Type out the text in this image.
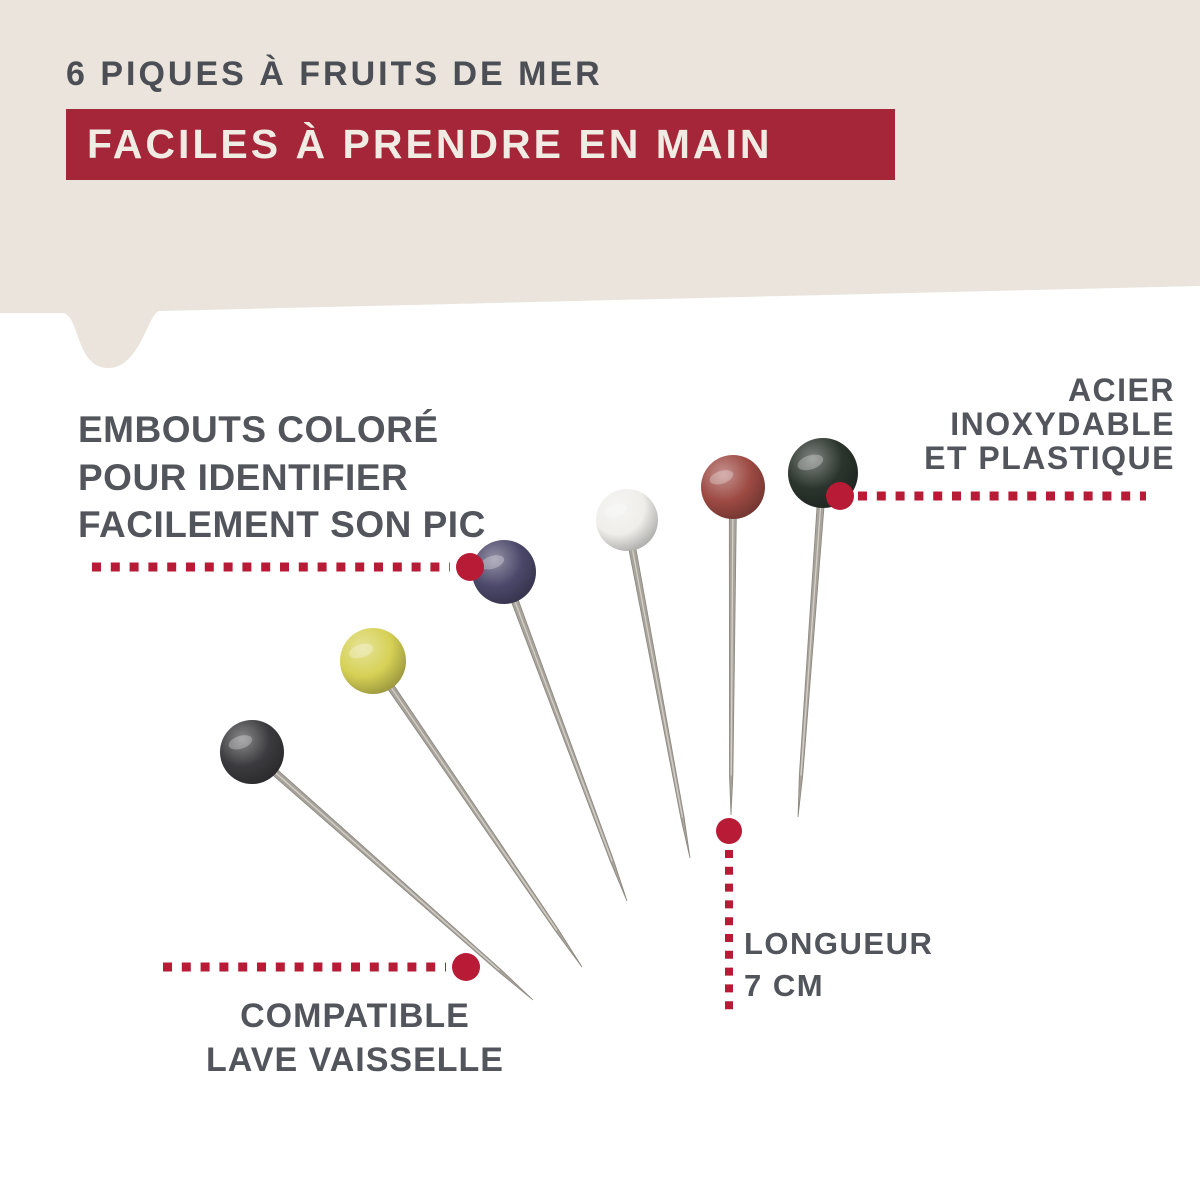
6 PIQUES À FRUITS DE MER
FACILES À PRENDRE EN MAIN
EMBOUTS COLORÉ
POUR IDENTIFIER
FACILEMENT SON PIC
ACIER
INOXYDABLE
ET PLASTIQUE
LONGUEUR
7 CM
COMPATIBLE
LAVE VAISSELLE
